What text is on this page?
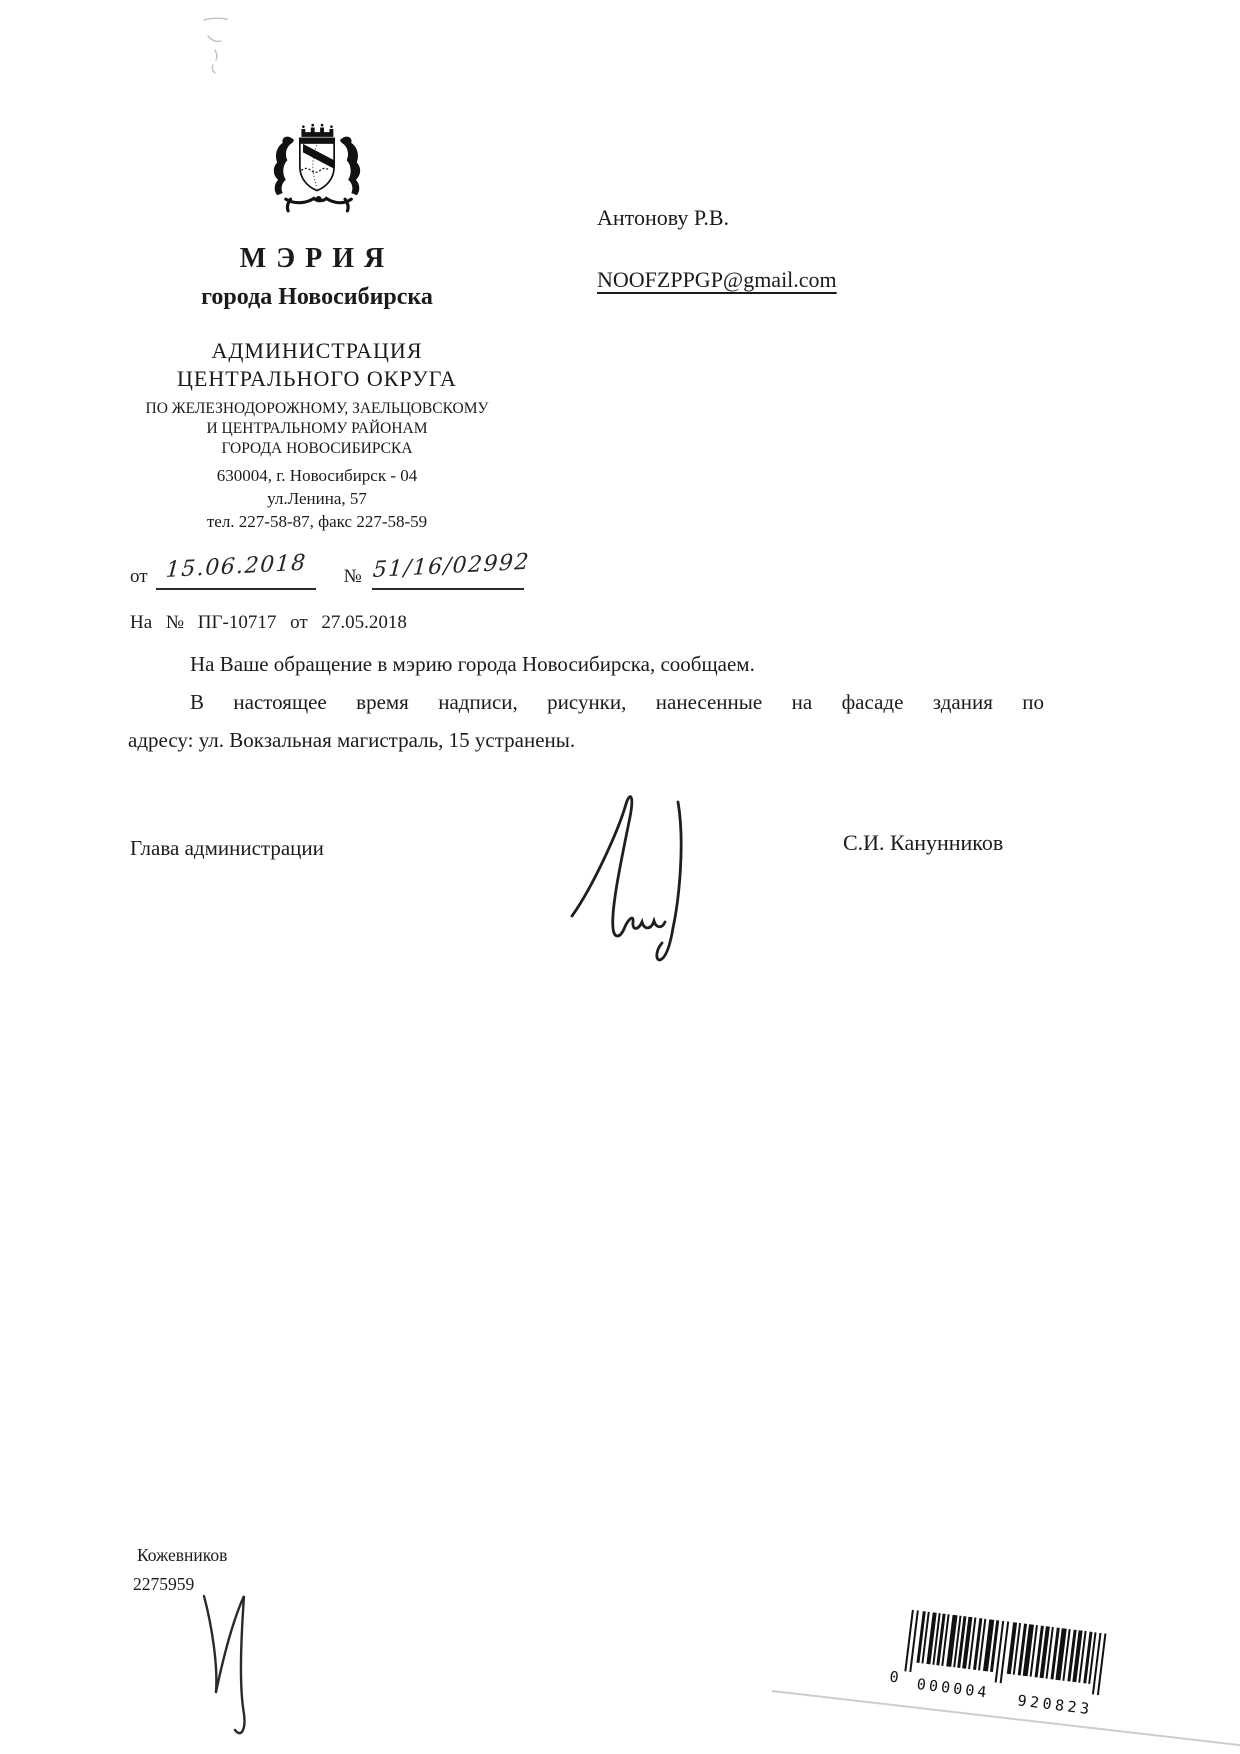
МЭРИЯ
города Новосибирска
АДМИНИСТРАЦИЯ
ЦЕНТРАЛЬНОГО ОКРУГА
ПО ЖЕЛЕЗНОДОРОЖНОМУ, ЗАЕЛЬЦОВСКОМУ
И ЦЕНТРАЛЬНОМУ РАЙОНАМ
ГОРОДА НОВОСИБИРСКА
630004, г. Новосибирск - 04
ул.Ленина, 57
тел. 227-58-87, факс 227-58-59
от 15.06.2018 № 51/16/02992
На № ПГ-10717 от 27.05.2018
Антонову Р.В.
NOOFZPPGP@gmail.com
На Ваше обращение в мэрию города Новосибирска, сообщаем.
В настоящее время надписи, рисунки, нанесенные на фасаде здания по
адресу: ул. Вокзальная магистраль, 15 устранены.
Глава администрации	С.И. Канунников
Кожевников
2275959
0 000004 920823
